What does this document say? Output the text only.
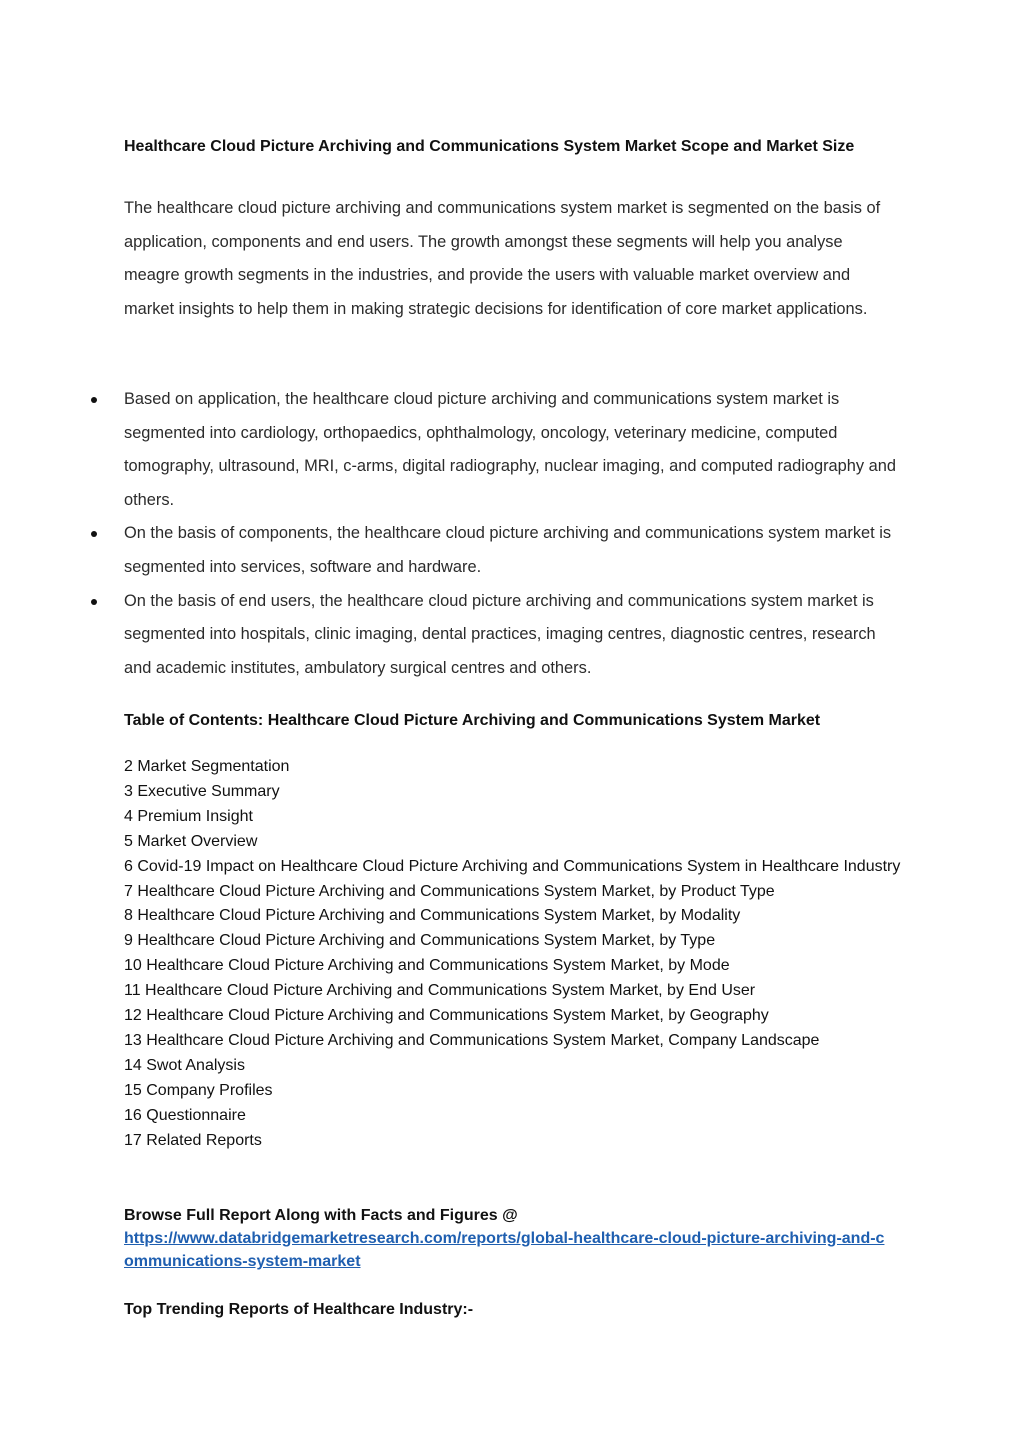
Healthcare Cloud Picture Archiving and Communications System Market Scope and Market Size

The healthcare cloud picture archiving and communications system market is segmented on the basis of application, components and end users. The growth amongst these segments will help you analyse meagre growth segments in the industries, and provide the users with valuable market overview and market insights to help them in making strategic decisions for identification of core market applications.

Based on application, the healthcare cloud picture archiving and communications system market is segmented into cardiology, orthopaedics, ophthalmology, oncology, veterinary medicine, computed tomography, ultrasound, MRI, c-arms, digital radiography, nuclear imaging, and computed radiography and others.
On the basis of components, the healthcare cloud picture archiving and communications system market is segmented into services, software and hardware.
On the basis of end users, the healthcare cloud picture archiving and communications system market is segmented into hospitals, clinic imaging, dental practices, imaging centres, diagnostic centres, research and academic institutes, ambulatory surgical centres and others.
Table of Contents: Healthcare Cloud Picture Archiving and Communications System Market
2 Market Segmentation
3 Executive Summary
4 Premium Insight
5 Market Overview
6 Covid-19 Impact on Healthcare Cloud Picture Archiving and Communications System in Healthcare Industry
7 Healthcare Cloud Picture Archiving and Communications System Market, by Product Type
8 Healthcare Cloud Picture Archiving and Communications System Market, by Modality
9 Healthcare Cloud Picture Archiving and Communications System Market, by Type
10 Healthcare Cloud Picture Archiving and Communications System Market, by Mode
11 Healthcare Cloud Picture Archiving and Communications System Market, by End User
12 Healthcare Cloud Picture Archiving and Communications System Market, by Geography
13 Healthcare Cloud Picture Archiving and Communications System Market, Company Landscape
14 Swot Analysis
15 Company Profiles
16 Questionnaire
17 Related Reports
Browse Full Report Along with Facts and Figures @
https://www.databridgemarketresearch.com/reports/global-healthcare-cloud-picture-archiving-and-communications-system-market
Top Trending Reports of Healthcare Industry:-
